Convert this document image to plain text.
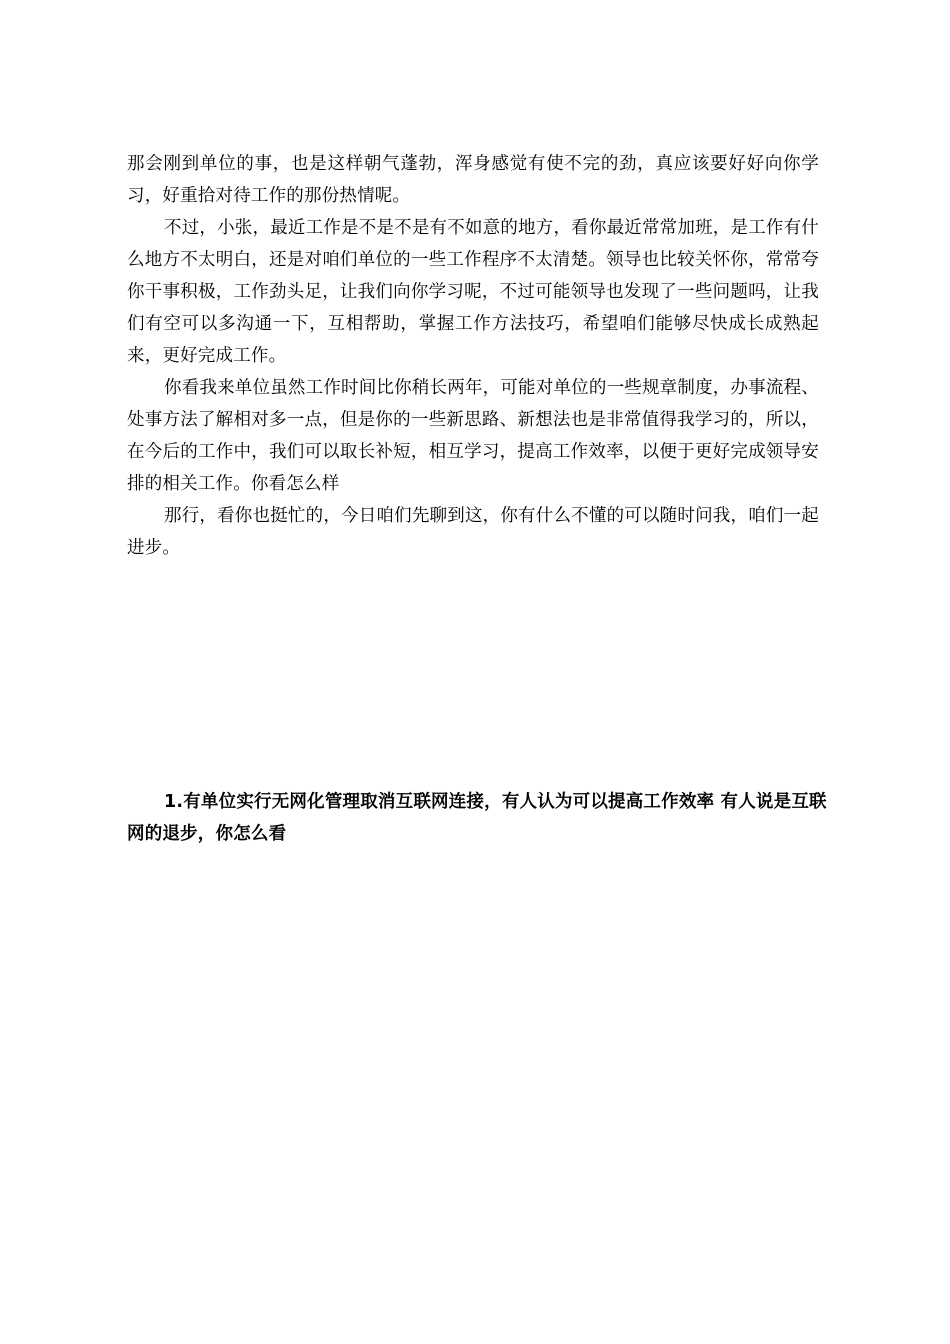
那会刚到单位的事，也是这样朝气蓬勃，浑身感觉有使不完的劲，真应该要好好向你学习，好重拾对待工作的那份热情呢。

不过，小张，最近工作是不是不是有不如意的地方，看你最近常常加班，是工作有什么地方不太明白，还是对咱们单位的一些工作程序不太清楚。领导也比较关怀你，常常夸你干事积极，工作劲头足，让我们向你学习呢，不过可能领导也发现了一些问题吗，让我们有空可以多沟通一下，互相帮助，掌握工作方法技巧，希望咱们能够尽快成长成熟起来，更好完成工作。

你看我来单位虽然工作时间比你稍长两年，可能对单位的一些规章制度，办事流程、处事方法了解相对多一点，但是你的一些新思路、新想法也是非常值得我学习的，所以，在今后的工作中，我们可以取长补短，相互学习，提高工作效率，以便于更好完成领导安排的相关工作。你看怎么样

那行，看你也挺忙的，今日咱们先聊到这，你有什么不懂的可以随时问我，咱们一起进步。

1.有单位实行无网化管理取消互联网连接，有人认为可以提高工作效率 有人说是互联网的退步，你怎么看
